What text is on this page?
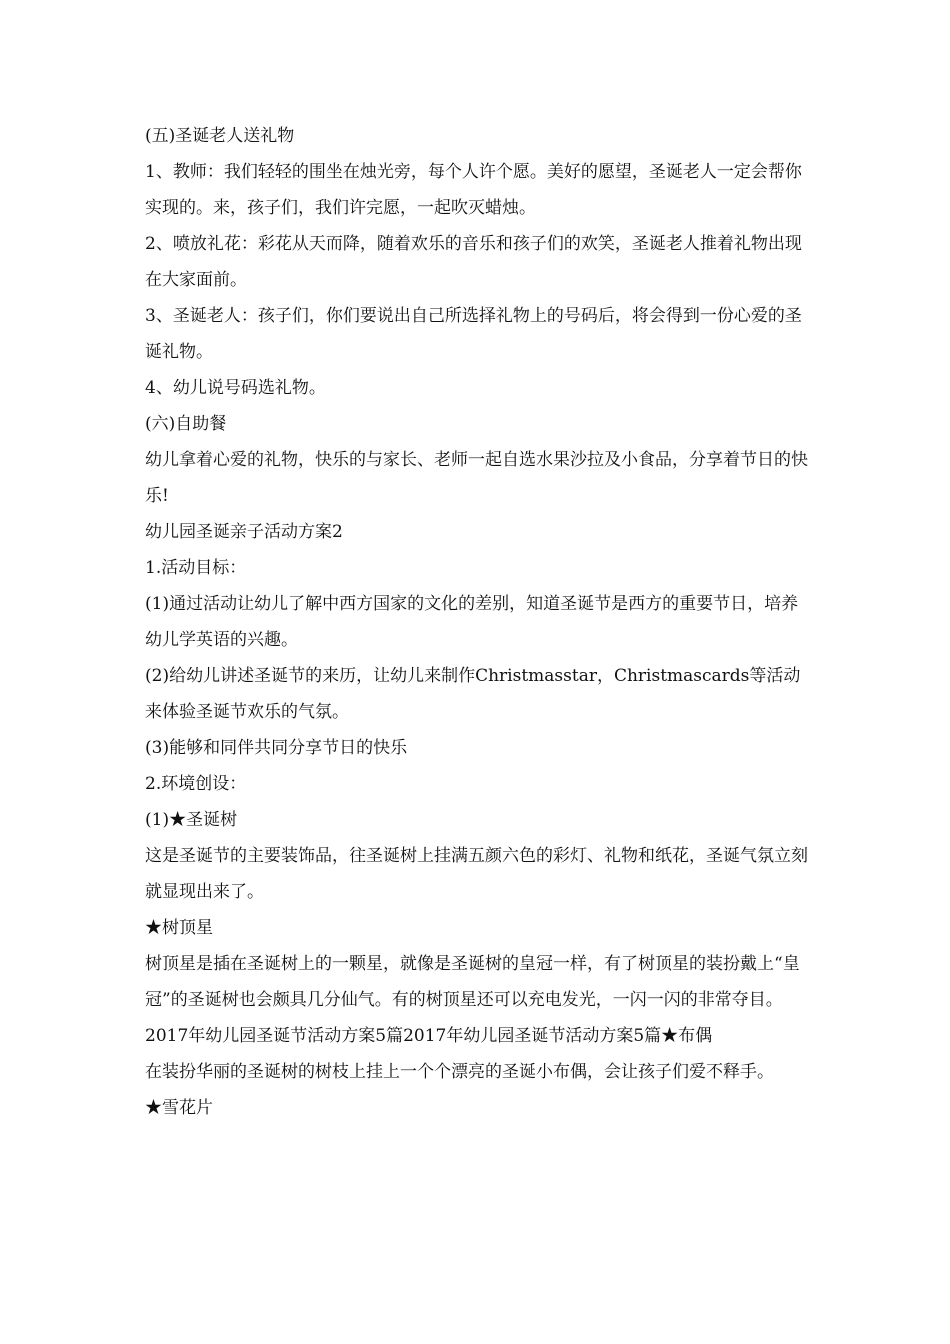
(五)圣诞老人送礼物

1、教师：我们轻轻的围坐在烛光旁，每个人许个愿。美好的愿望，圣诞老人一定会帮你实现的。来，孩子们，我们许完愿，一起吹灭蜡烛。

2、喷放礼花：彩花从天而降，随着欢乐的音乐和孩子们的欢笑，圣诞老人推着礼物出现在大家面前。

3、圣诞老人：孩子们，你们要说出自己所选择礼物上的号码后，将会得到一份心爱的圣诞礼物。

4、幼儿说号码选礼物。

(六)自助餐

幼儿拿着心爱的礼物，快乐的与家长、老师一起自选水果沙拉及小食品，分享着节日的快乐!

幼儿园圣诞亲子活动方案2

1.活动目标：

(1)通过活动让幼儿了解中西方国家的文化的差别，知道圣诞节是西方的重要节日，培养幼儿学英语的兴趣。

(2)给幼儿讲述圣诞节的来历，让幼儿来制作Christmasstar，Christmascards等活动来体验圣诞节欢乐的气氛。

(3)能够和同伴共同分享节日的快乐

2.环境创设：

(1)★圣诞树

这是圣诞节的主要装饰品，往圣诞树上挂满五颜六色的彩灯、礼物和纸花，圣诞气氛立刻就显现出来了。

★树顶星

树顶星是插在圣诞树上的一颗星，就像是圣诞树的皇冠一样，有了树顶星的装扮戴上“皇冠”的圣诞树也会颇具几分仙气。有的树顶星还可以充电发光，一闪一闪的非常夺目。

2017年幼儿园圣诞节活动方案5篇2017年幼儿园圣诞节活动方案5篇★布偶

在装扮华丽的圣诞树的树枝上挂上一个个漂亮的圣诞小布偶，会让孩子们爱不释手。

★雪花片
